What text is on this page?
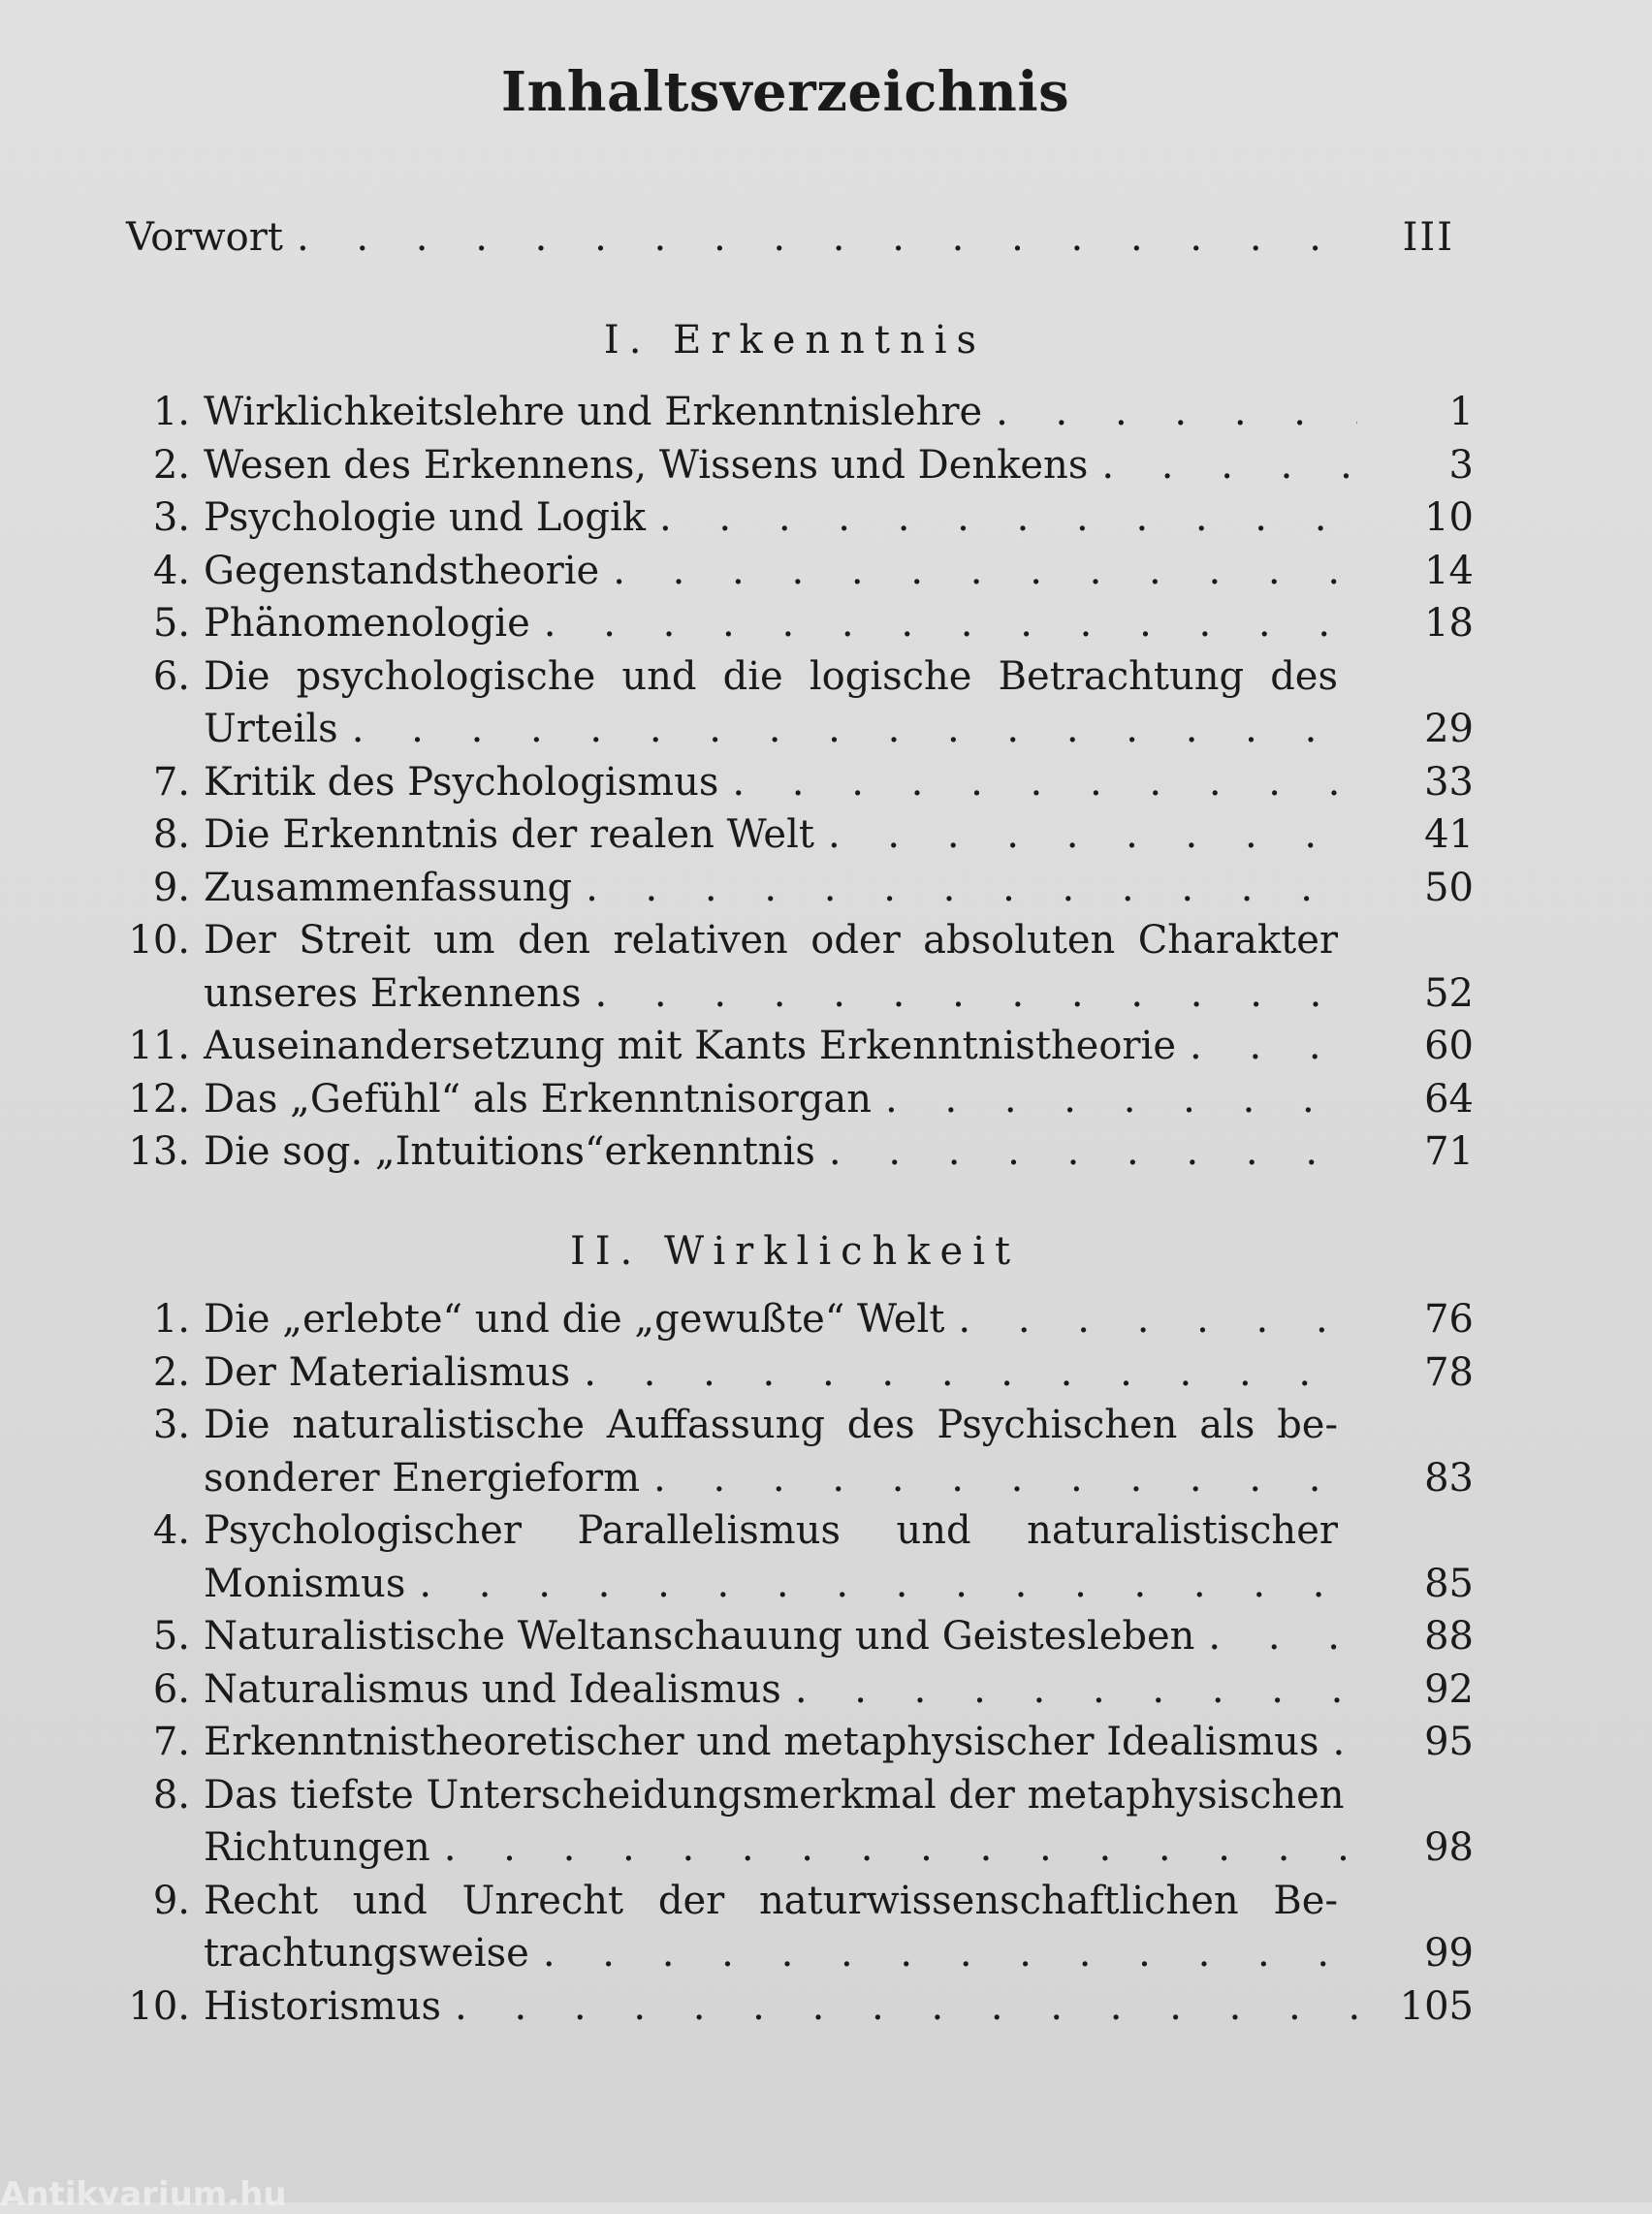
Inhaltsverzeichnis
Vorwort . . .	III
I. Erkenntnis
1. Wirklichkeitslehre und Erkenntnislehre . . .	1
2. Wesen des Erkennens, Wissens und Denkens . . .	3
3. Psychologie und Logik . . .	10
4. Gegenstandstheorie . . .	14
5. Phänomenologie . . .	18
6. Die psychologische und die logische Betrachtung des
Urteils . . .	29
7. Kritik des Psychologismus . . .	33
8. Die Erkenntnis der realen Welt . . .	41
9. Zusammenfassung . . .	50
10. Der Streit um den relativen oder absoluten Charakter
unseres Erkennens . . .	52
11. Auseinandersetzung mit Kants Erkenntnistheorie . . .	60
12. Das „Gefühl“ als Erkenntnisorgan . . .	64
13. Die sog. „Intuitions“erkenntnis . . .	71
II. Wirklichkeit
1. Die „erlebte“ und die „gewußte“ Welt . . .	76
2. Der Materialismus . . .	78
3. Die naturalistische Auffassung des Psychischen als be-
sonderer Energieform . . .	83
4. Psychologischer Parallelismus und naturalistischer
Monismus . . .	85
5. Naturalistische Weltanschauung und Geistesleben . . .	88
6. Naturalismus und Idealismus . . .	92
7. Erkenntnistheoretischer und metaphysischer Idealismus . . .	95
8. Das tiefste Unterscheidungsmerkmal der metaphysischen
Richtungen . . .	98
9. Recht und Unrecht der naturwissenschaftlichen Be-
trachtungsweise . . .	99
10. Historismus . . .	105
Antikvarium.hu
